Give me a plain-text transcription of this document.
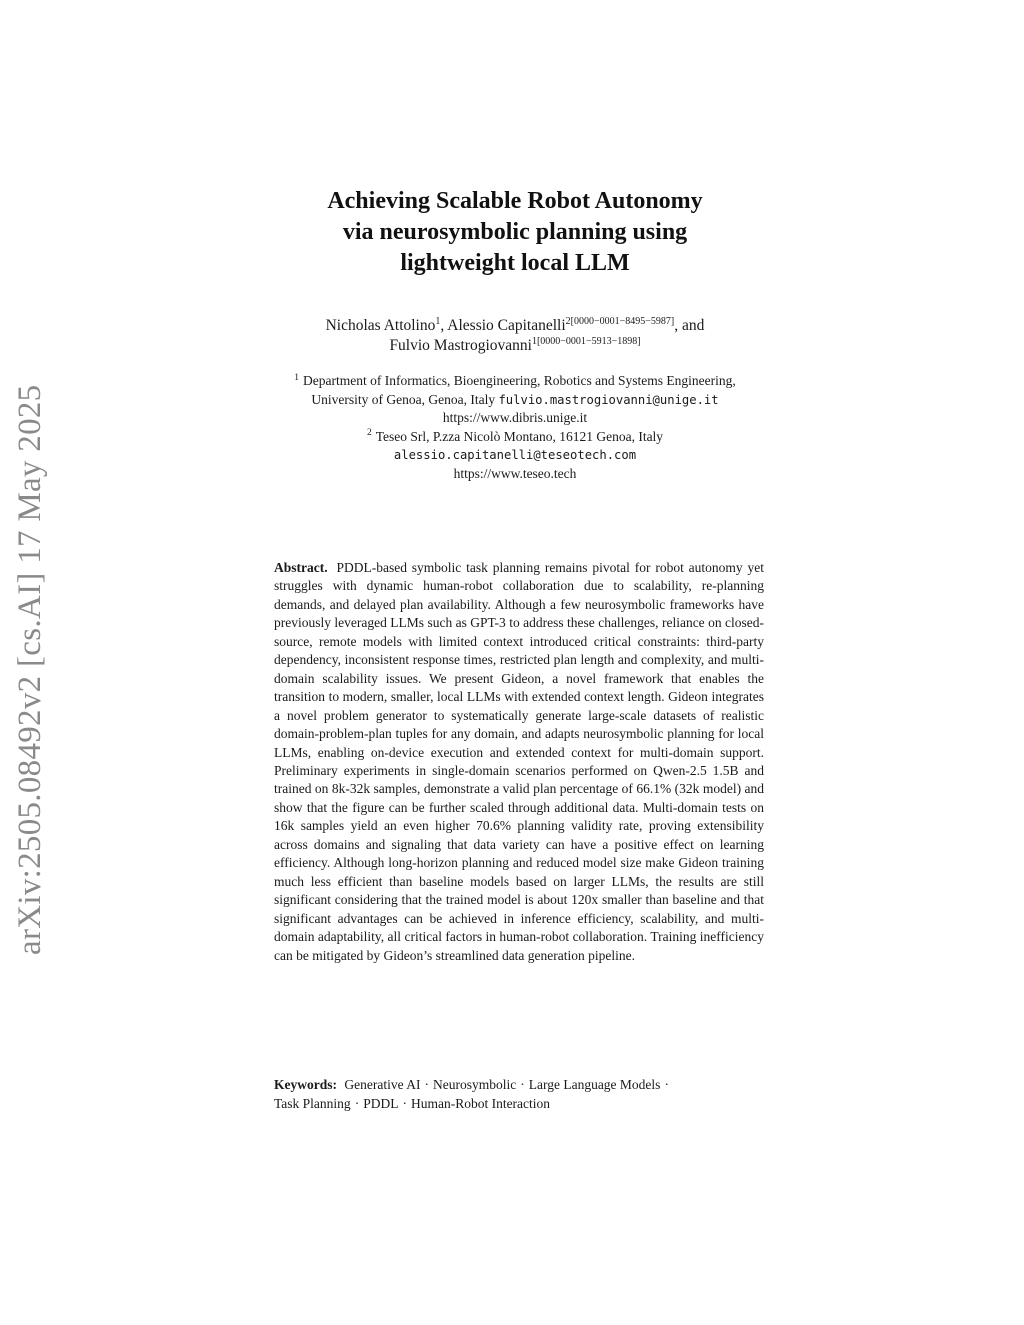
arXiv:2505.08492v2 [cs.AI] 17 May 2025
Achieving Scalable Robot Autonomy
via neurosymbolic planning using
lightweight local LLM
Nicholas Attolino$^1$, Alessio Capitanelli$^{2[0000-0001-8495-5987]}$, and
Fulvio Mastrogiovanni$^{1[0000-0001-5913-1898]}$
$^1$ Department of Informatics, Bioengineering, Robotics and Systems Engineering,
University of Genoa, Genoa, Italy fulvio.mastrogiovanni@unige.it
https://www.dibris.unige.it
$^2$ Teseo Srl, P.zza Nicolò Montano, 16121 Genoa, Italy
alessio.capitanelli@teseotech.com
https://www.teseo.tech
Abstract. PDDL-based symbolic task planning remains pivotal for robot autonomy yet struggles with dynamic human-robot collaboration due to scalability, re-planning demands, and delayed plan availability. Although a few neurosymbolic frameworks have previously leveraged LLMs such as GPT-3 to address these challenges, reliance on closed-source, remote models with limited context introduced critical constraints: third-party dependency, inconsistent response times, restricted plan length and complexity, and multi-domain scalability issues. We present Gideon, a novel framework that enables the transition to modern, smaller, local LLMs with extended context length. Gideon integrates a novel problem generator to systematically generate large-scale datasets of realistic domain-problem-plan tuples for any domain, and adapts neurosymbolic planning for local LLMs, enabling on-device execution and extended context for multi-domain support. Preliminary experiments in single-domain scenarios performed on Qwen-2.5 1.5B and trained on 8k-32k samples, demonstrate a valid plan percentage of 66.1% (32k model) and show that the figure can be further scaled through additional data. Multi-domain tests on 16k samples yield an even higher 70.6% planning validity rate, proving extensibility across domains and signaling that data variety can have a positive effect on learning efficiency. Although long-horizon planning and reduced model size make Gideon training much less efficient than baseline models based on larger LLMs, the results are still significant considering that the trained model is about 120x smaller than baseline and that significant advantages can be achieved in inference efficiency, scalability, and multi-domain adaptability, all critical factors in human-robot collaboration. Training inefficiency can be mitigated by Gideon’s streamlined data generation pipeline.
Keywords: Generative AI · Neurosymbolic · Large Language Models ·
Task Planning · PDDL · Human-Robot Interaction
